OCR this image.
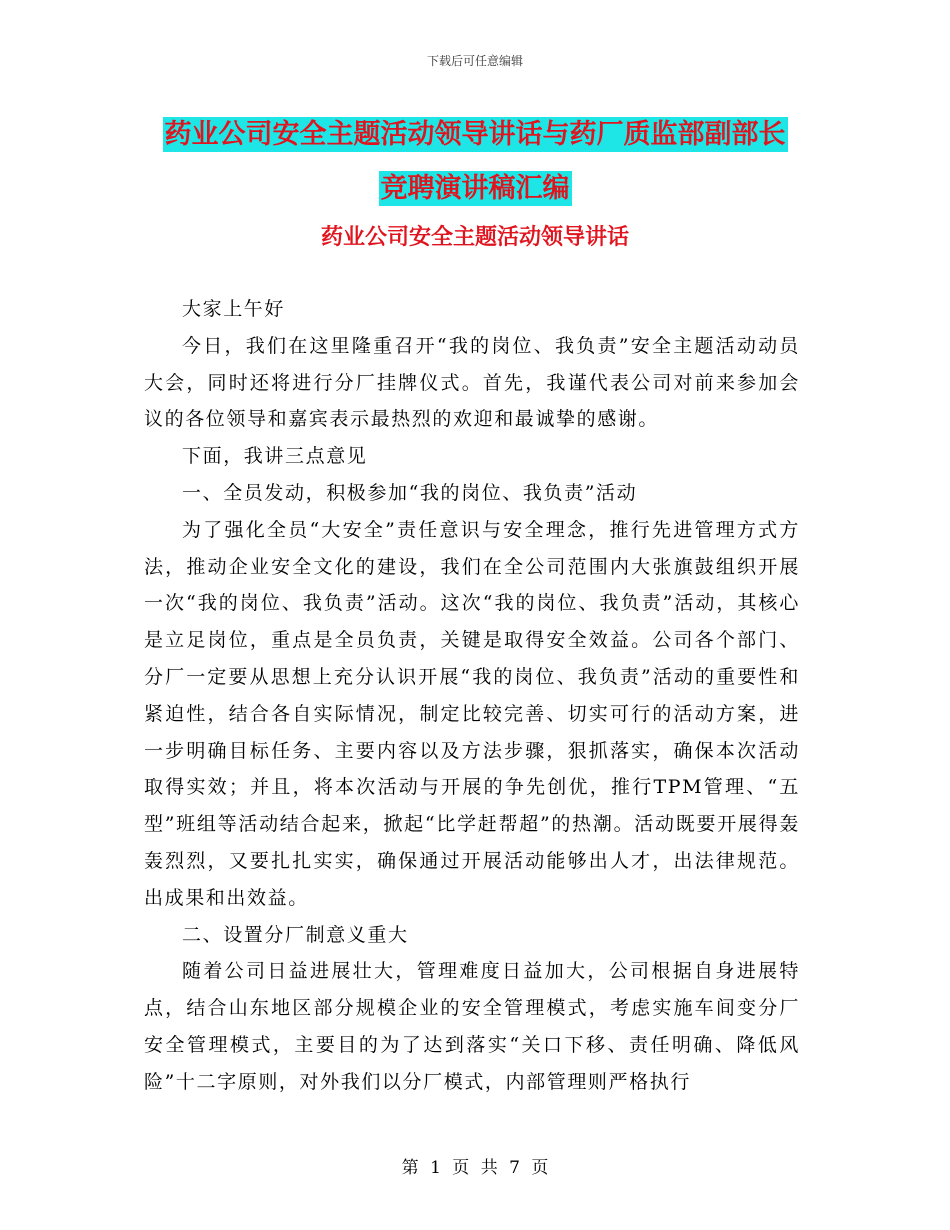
下载后可任意编辑
药业公司安全主题活动领导讲话与药厂质监部副部长
竞聘演讲稿汇编
药业公司安全主题活动领导讲话

大家上午好

今日，我们在这里隆重召开“我的岗位、我负责”安全主题活动动员大会，同时还将进行分厂挂牌仪式。首先，我谨代表公司对前来参加会议的各位领导和嘉宾表示最热烈的欢迎和最诚挚的感谢。

下面，我讲三点意见

一、全员发动，积极参加“我的岗位、我负责”活动

为了强化全员“大安全”责任意识与安全理念，推行先进管理方式方法，推动企业安全文化的建设，我们在全公司范围内大张旗鼓组织开展一次“我的岗位、我负责”活动。这次“我的岗位、我负责”活动，其核心是立足岗位，重点是全员负责，关键是取得安全效益。公司各个部门、分厂一定要从思想上充分认识开展“我的岗位、我负责”活动的重要性和紧迫性，结合各自实际情况，制定比较完善、切实可行的活动方案，进一步明确目标任务、主要内容以及方法步骤，狠抓落实，确保本次活动取得实效；并且，将本次活动与开展的争先创优，推行TPM管理、“五型”班组等活动结合起来，掀起“比学赶帮超”的热潮。活动既要开展得轰轰烈烈，又要扎扎实实，确保通过开展活动能够出人才，出法律规范。出成果和出效益。

二、设置分厂制意义重大

随着公司日益进展壮大，管理难度日益加大，公司根据自身进展特点，结合山东地区部分规模企业的安全管理模式，考虑实施车间变分厂安全管理模式，主要目的为了达到落实“关口下移、责任明确、降低风险”十二字原则，对外我们以分厂模式，内部管理则严格执行

第 1 页 共 7 页
